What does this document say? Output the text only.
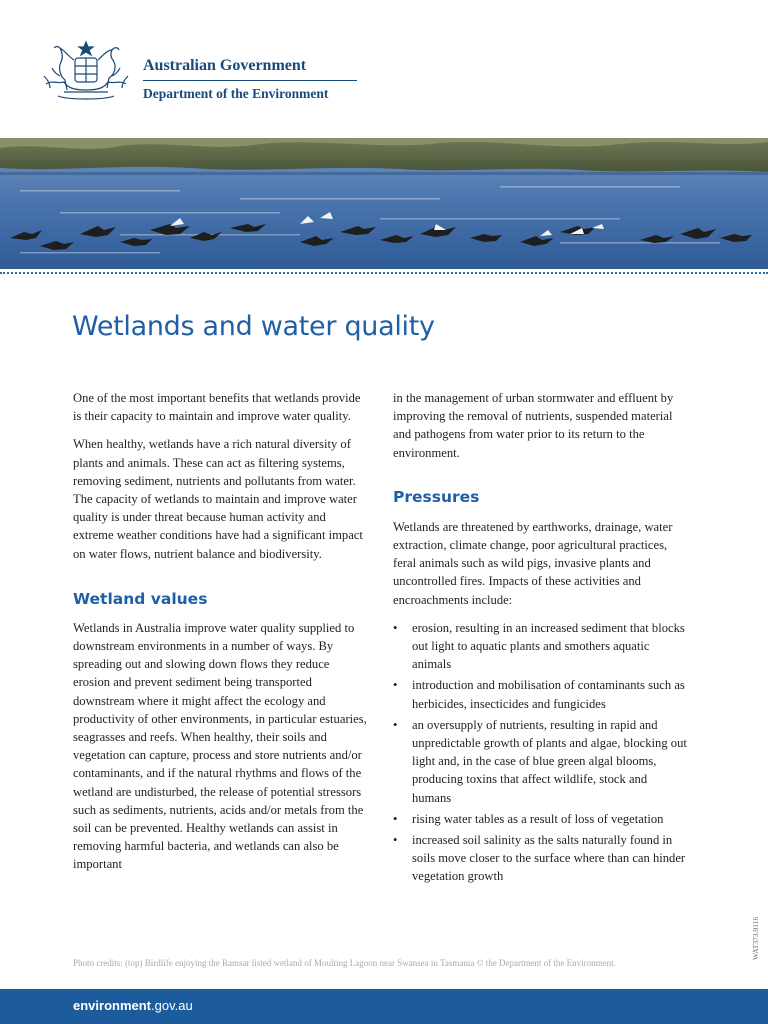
Australian Government
Department of the Environment
Wetlands and water quality

One of the most important benefits that wetlands provide is their capacity to maintain and improve water quality.

When healthy, wetlands have a rich natural diversity of plants and animals. These can act as filtering systems, removing sediment, nutrients and pollutants from water. The capacity of wetlands to maintain and improve water quality is under threat because human activity and extreme weather conditions have had a significant impact on water flows, nutrient balance and biodiversity.

Wetland values

Wetlands in Australia improve water quality supplied to downstream environments in a number of ways. By spreading out and slowing down flows they reduce erosion and prevent sediment being transported downstream where it might affect the ecology and productivity of other environments, in particular estuaries, seagrasses and reefs. When healthy, their soils and vegetation can capture, process and store nutrients and/or contaminants, and if the natural rhythms and flows of the wetland are undisturbed, the release of potential stressors such as sediments, nutrients, acids and/or metals from the soil can be prevented. Healthy wetlands can assist in removing harmful bacteria, and wetlands can also be important

in the management of urban stormwater and effluent by improving the removal of nutrients, suspended material and pathogens from water prior to its return to the environment.

Pressures

Wetlands are threatened by earthworks, drainage, water extraction, climate change, poor agricultural practices, feral animals such as wild pigs, invasive plants and uncontrolled fires. Impacts of these activities and encroachments include:

• erosion, resulting in an increased sediment that blocks out light to aquatic plants and smothers aquatic animals
• introduction and mobilisation of contaminants such as herbicides, insecticides and fungicides
• an oversupply of nutrients, resulting in rapid and unpredictable growth of plants and algae, blocking out light and, in the case of blue green algal blooms, producing toxins that affect wildlife, stock and humans
• rising water tables as a result of loss of vegetation
• increased soil salinity as the salts naturally found in soils move closer to the surface where than can hinder vegetation growth
Photo credits: (top) Birdlife enjoying the Ramsar listed wetland of Moulting Lagoon near Swansea in Tasmania © the Department of the Environment.
WAT373.0116
environment.gov.au
